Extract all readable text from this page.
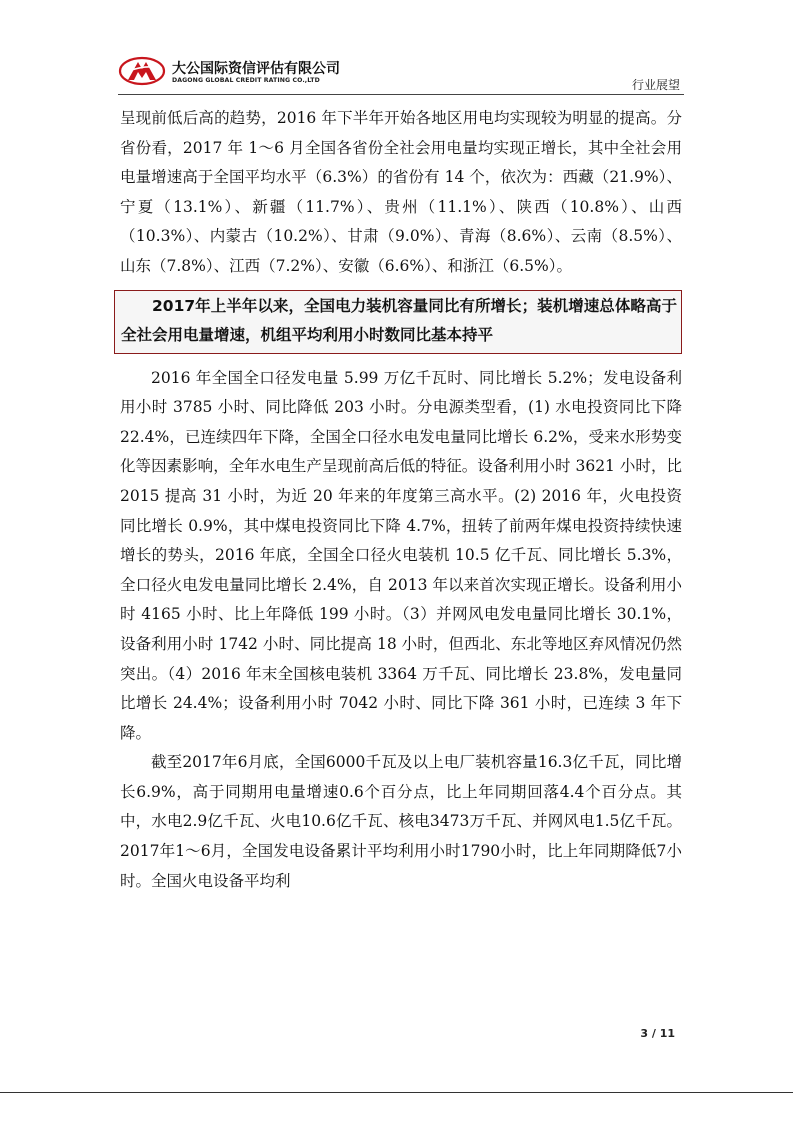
大公国际资信评估有限公司
DAGONG GLOBAL CREDIT RATING CO.,LTD	行业展望

呈现前低后高的趋势，2016 年下半年开始各地区用电均实现较为明显的提高。分省份看，2017 年 1～6 月全国各省份全社会用电量均实现正增长，其中全社会用电量增速高于全国平均水平（6.3%）的省份有 14 个，依次为：西藏（21.9%）、宁夏（13.1%）、新疆（11.7%）、贵州（11.1%）、陕西（10.8%）、山西（10.3%）、内蒙古（10.2%）、甘肃（9.0%）、青海（8.6%）、云南（8.5%）、山东（7.8%）、江西（7.2%）、安徽（6.6%）、和浙江（6.5%）。

2017年上半年以来，全国电力装机容量同比有所增长；装机增速总体略高于全社会用电量增速，机组平均利用小时数同比基本持平

2016 年全国全口径发电量 5.99 万亿千瓦时、同比增长 5.2%；发电设备利用小时 3785 小时、同比降低 203 小时。分电源类型看，(1) 水电投资同比下降 22.4%，已连续四年下降，全国全口径水电发电量同比增长 6.2%，受来水形势变化等因素影响，全年水电生产呈现前高后低的特征。设备利用小时 3621 小时，比 2015 提高 31 小时，为近 20 年来的年度第三高水平。(2) 2016 年，火电投资同比增长 0.9%，其中煤电投资同比下降 4.7%，扭转了前两年煤电投资持续快速增长的势头，2016 年底，全国全口径火电装机 10.5 亿千瓦、同比增长 5.3%，全口径火电发电量同比增长 2.4%，自 2013 年以来首次实现正增长。设备利用小时 4165 小时、比上年降低 199 小时。（3）并网风电发电量同比增长 30.1%，设备利用小时 1742 小时、同比提高 18 小时，但西北、东北等地区弃风情况仍然突出。（4）2016 年末全国核电装机 3364 万千瓦、同比增长 23.8%，发电量同比增长 24.4%；设备利用小时 7042 小时、同比下降 361 小时，已连续 3 年下降。

截至2017年6月底，全国6000千瓦及以上电厂装机容量16.3亿千瓦，同比增长6.9%，高于同期用电量增速0.6个百分点，比上年同期回落4.4个百分点。其中，水电2.9亿千瓦、火电10.6亿千瓦、核电3473万千瓦、并网风电1.5亿千瓦。2017年1～6月，全国发电设备累计平均利用小时1790小时，比上年同期降低7小时。全国火电设备平均利

3 / 11
